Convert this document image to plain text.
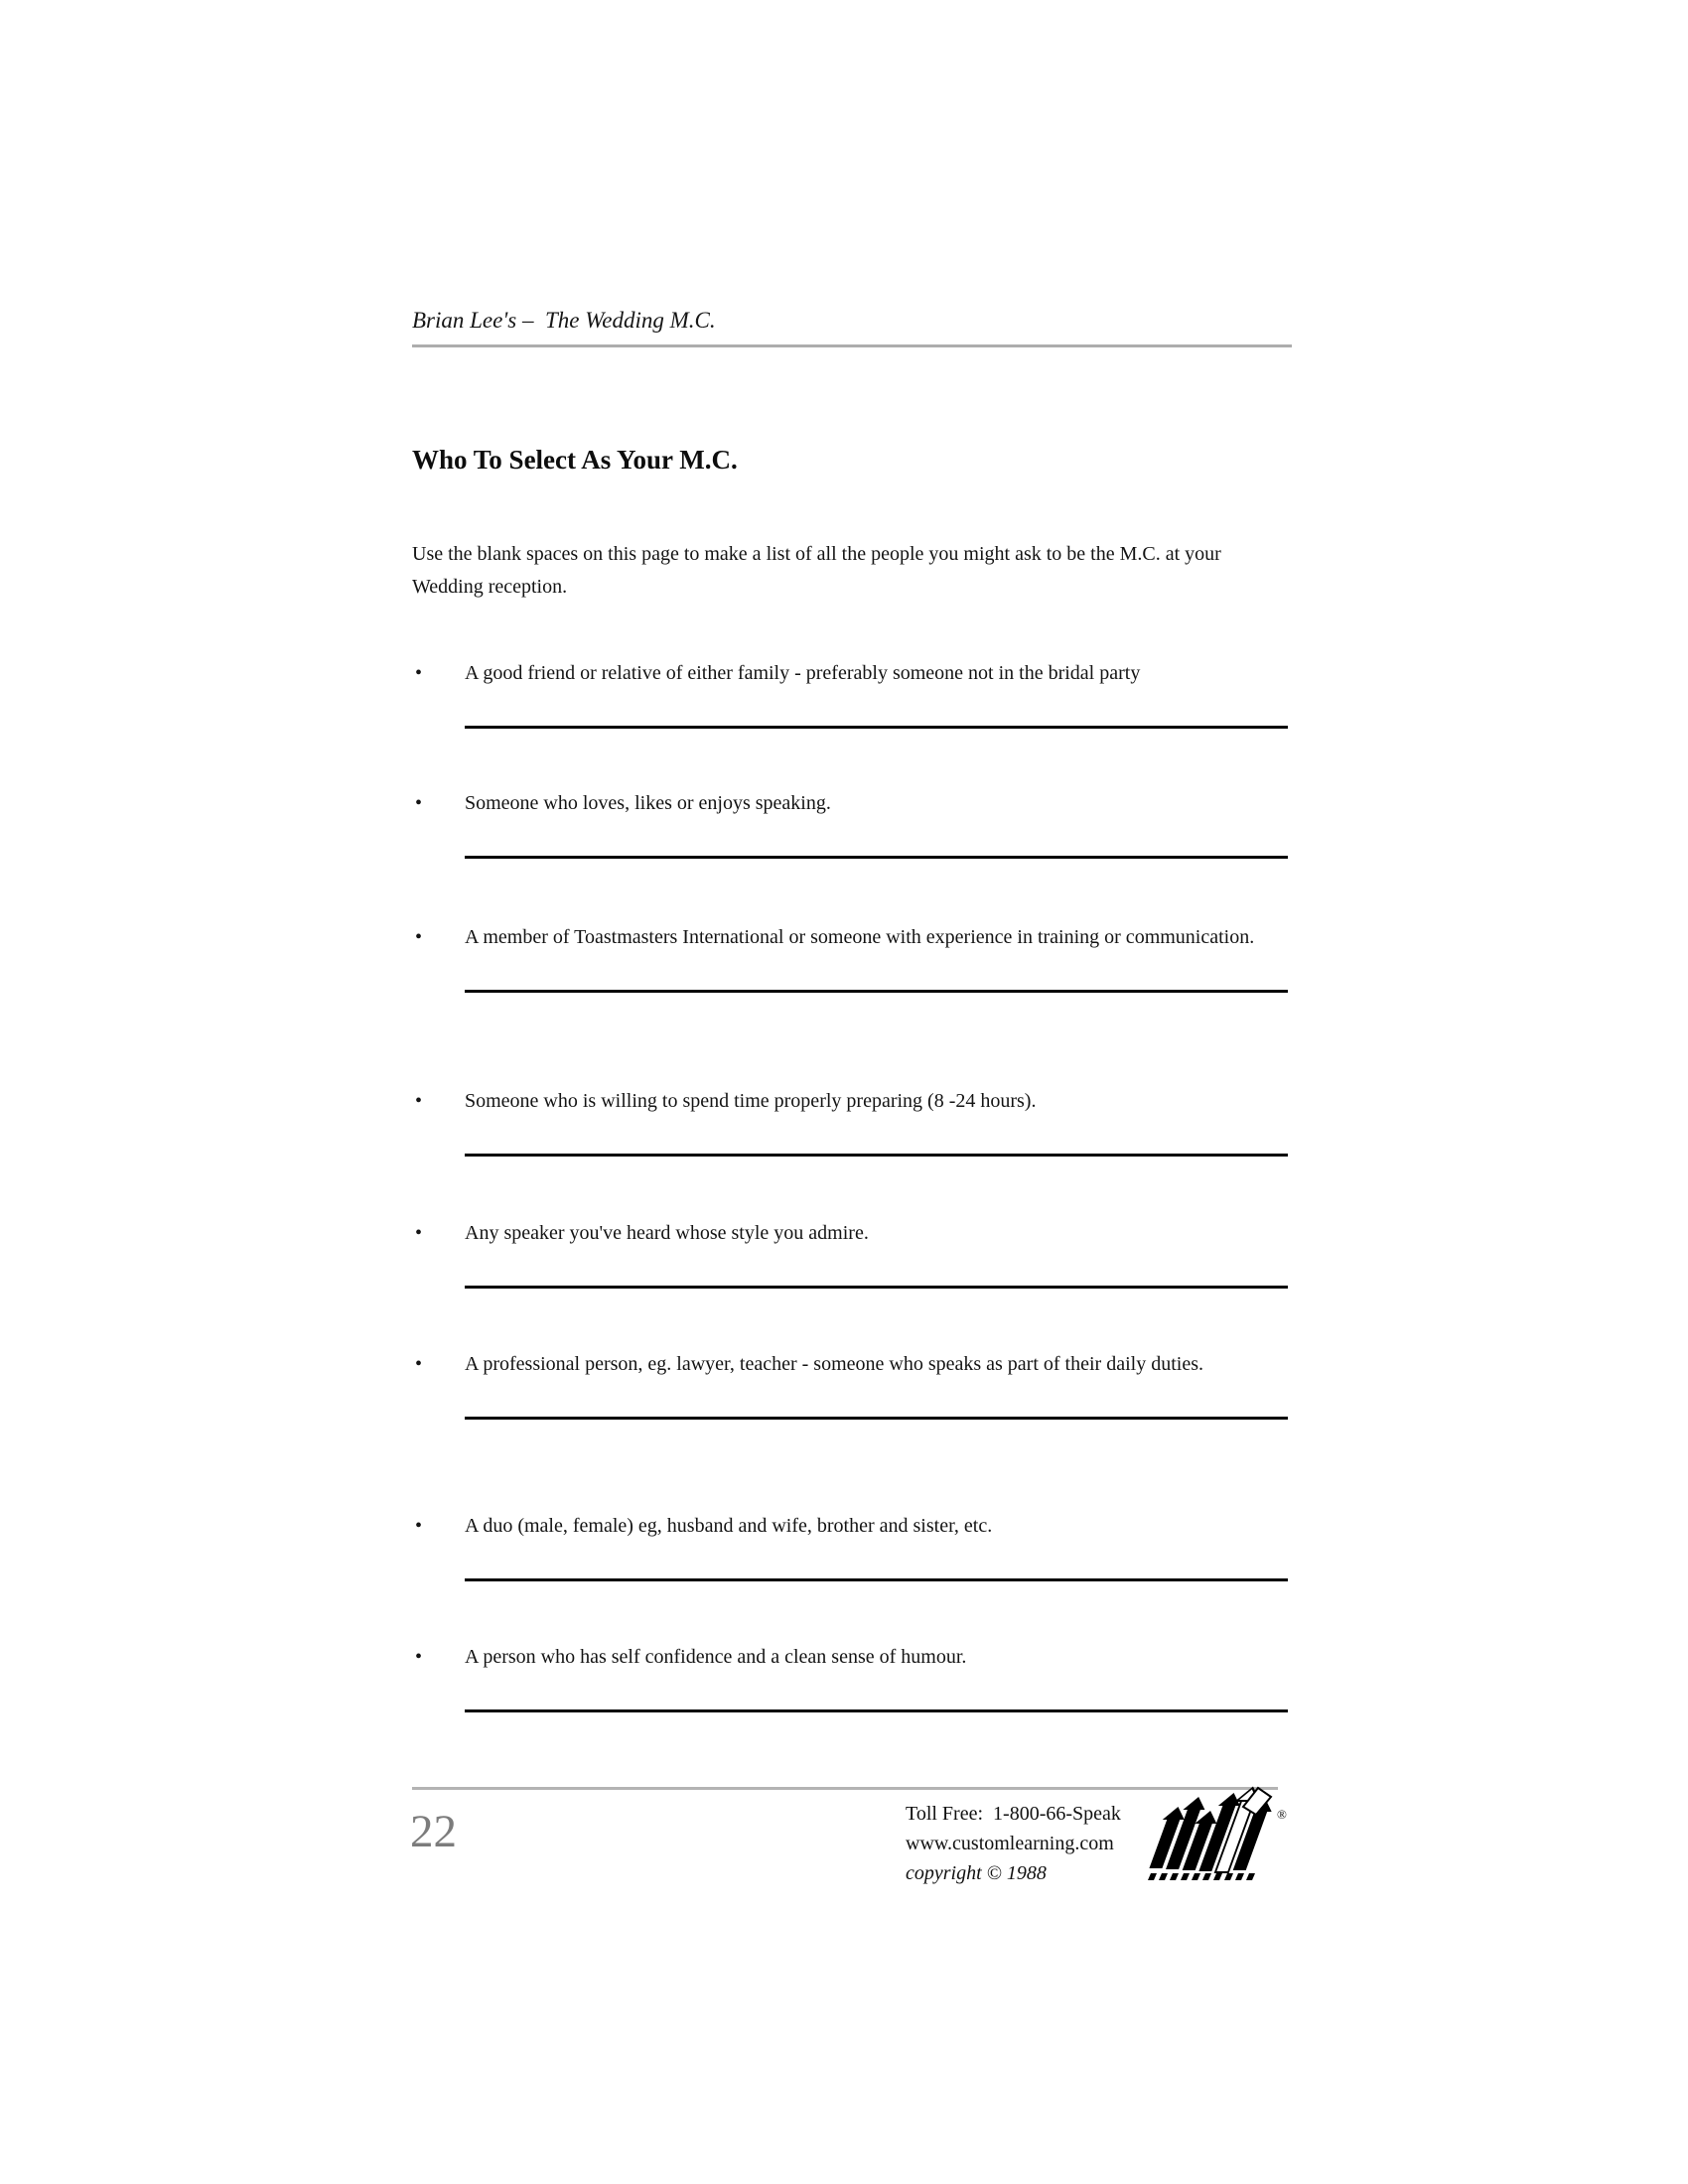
Brian Lee's –  The Wedding M.C.
Who To Select As Your M.C.

Use the blank spaces on this page to make a list of all the people you might ask to be the M.C. at your Wedding reception.

• A good friend or relative of either family - preferably someone not in the bridal party
• Someone who loves, likes or enjoys speaking.
• A member of Toastmasters International or someone with experience in training or communication.
• Someone who is willing to spend time properly preparing (8 -24 hours).
• Any speaker you've heard whose style you admire.
• A professional person, eg. lawyer, teacher - someone who speaks as part of their daily duties.
• A duo (male, female) eg, husband and wife, brother and sister, etc.
• A person who has self confidence and a clean sense of humour.
22	Toll Free:  1-800-66-Speak
www.customlearning.com
copyright © 1988
®
